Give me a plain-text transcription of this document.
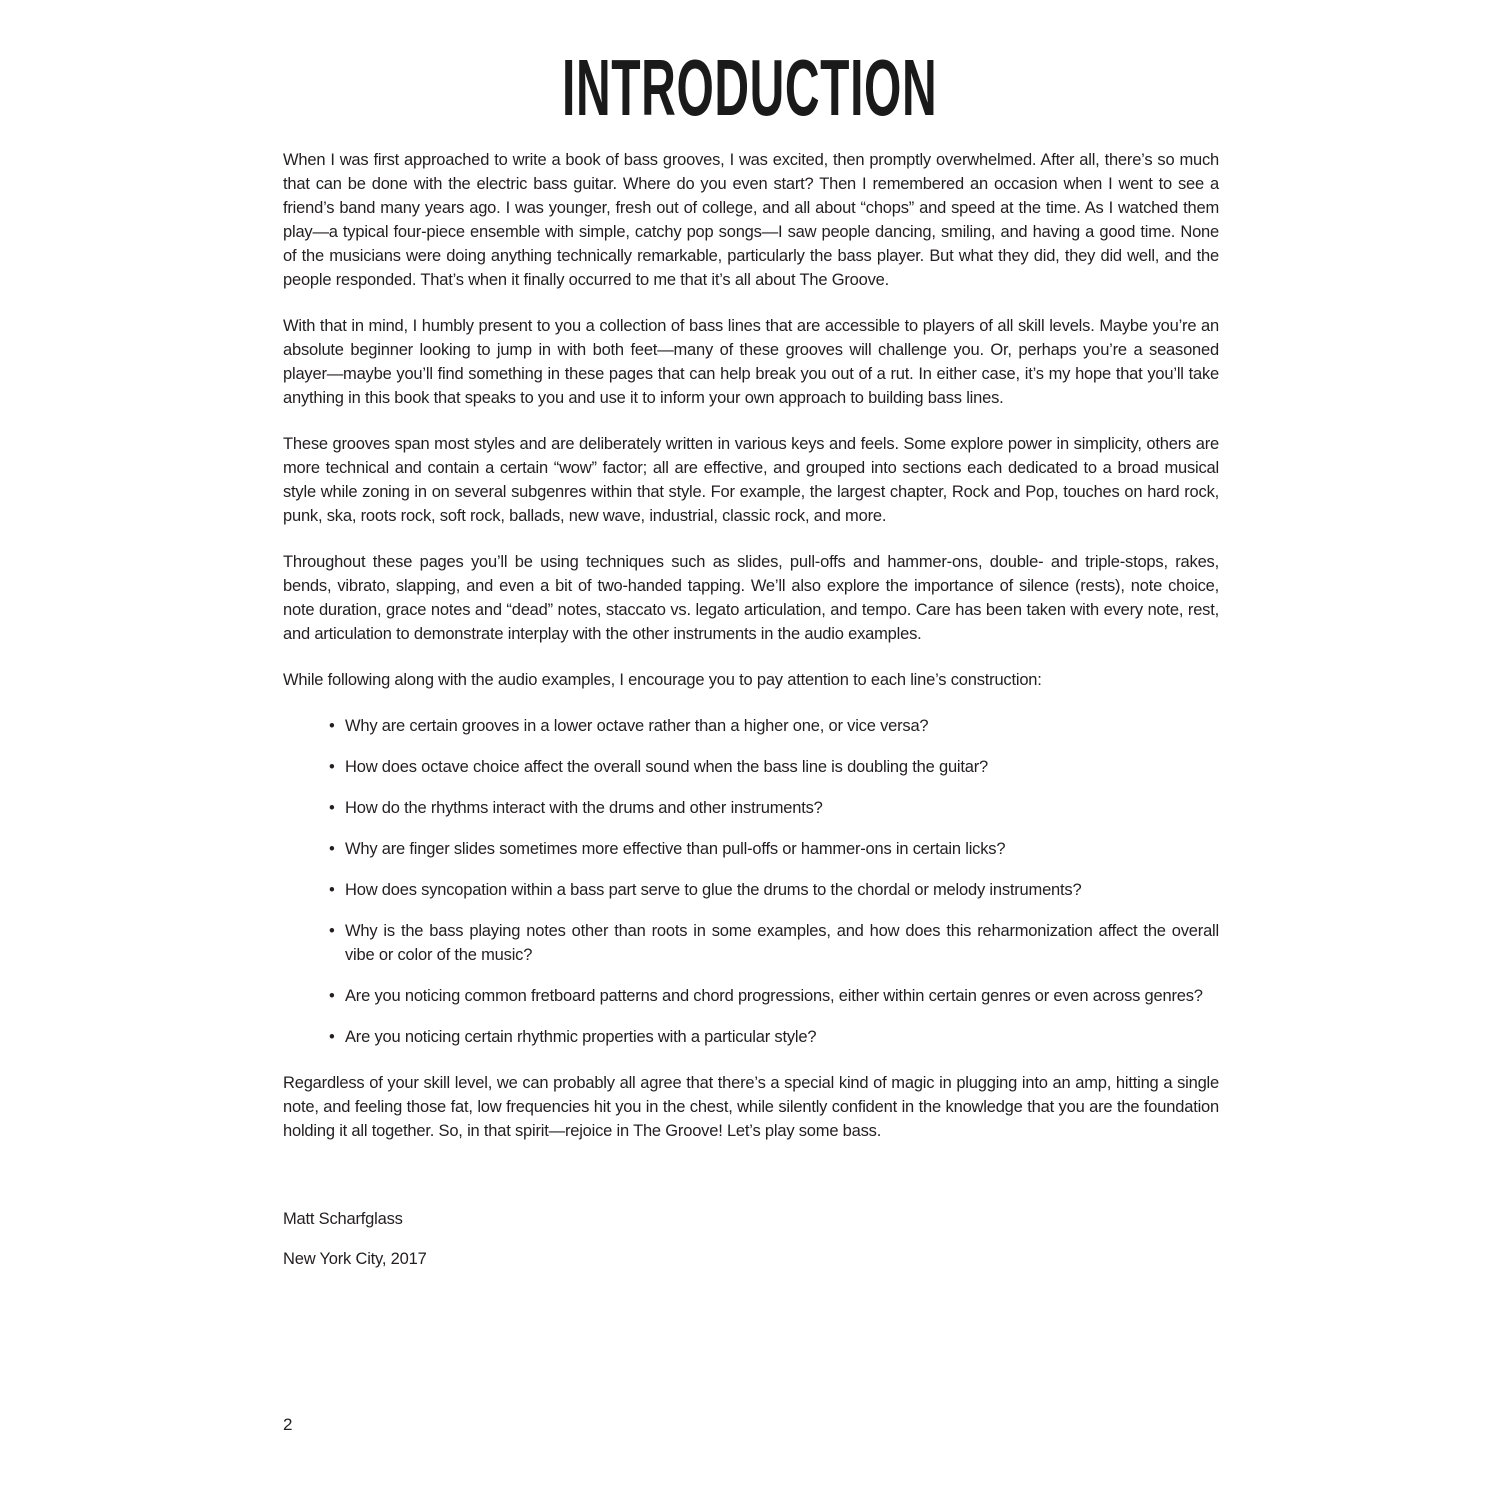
INTRODUCTION

When I was first approached to write a book of bass grooves, I was excited, then promptly overwhelmed. After all, there’s so much that can be done with the electric bass guitar. Where do you even start? Then I remembered an occasion when I went to see a friend’s band many years ago. I was younger, fresh out of college, and all about “chops” and speed at the time. As I watched them play—a typical four-piece ensemble with simple, catchy pop songs—I saw people dancing, smiling, and having a good time. None of the musicians were doing anything technically remarkable, particularly the bass player. But what they did, they did well, and the people responded. That’s when it finally occurred to me that it’s all about The Groove.

With that in mind, I humbly present to you a collection of bass lines that are accessible to players of all skill levels. Maybe you’re an absolute beginner looking to jump in with both feet—many of these grooves will challenge you. Or, perhaps you’re a seasoned player—maybe you’ll find something in these pages that can help break you out of a rut. In either case, it’s my hope that you’ll take anything in this book that speaks to you and use it to inform your own approach to building bass lines.

These grooves span most styles and are deliberately written in various keys and feels. Some explore power in simplicity, others are more technical and contain a certain “wow” factor; all are effective, and grouped into sections each dedicated to a broad musical style while zoning in on several subgenres within that style. For example, the largest chapter, Rock and Pop, touches on hard rock, punk, ska, roots rock, soft rock, ballads, new wave, industrial, classic rock, and more.

Throughout these pages you’ll be using techniques such as slides, pull-offs and hammer-ons, double- and triple-stops, rakes, bends, vibrato, slapping, and even a bit of two-handed tapping. We’ll also explore the importance of silence (rests), note choice, note duration, grace notes and “dead” notes, staccato vs. legato articulation, and tempo. Care has been taken with every note, rest, and articulation to demonstrate interplay with the other instruments in the audio examples.

While following along with the audio examples, I encourage you to pay attention to each line’s construction:

• Why are certain grooves in a lower octave rather than a higher one, or vice versa?
• How does octave choice affect the overall sound when the bass line is doubling the guitar?
• How do the rhythms interact with the drums and other instruments?
• Why are finger slides sometimes more effective than pull-offs or hammer-ons in certain licks?
• How does syncopation within a bass part serve to glue the drums to the chordal or melody instruments?
• Why is the bass playing notes other than roots in some examples, and how does this reharmonization affect the overall vibe or color of the music?
• Are you noticing common fretboard patterns and chord progressions, either within certain genres or even across genres?
• Are you noticing certain rhythmic properties with a particular style?

Regardless of your skill level, we can probably all agree that there’s a special kind of magic in plugging into an amp, hitting a single note, and feeling those fat, low frequencies hit you in the chest, while silently confident in the knowledge that you are the foundation holding it all together. So, in that spirit—rejoice in The Groove! Let’s play some bass.

Matt Scharfglass

New York City, 2017

2
